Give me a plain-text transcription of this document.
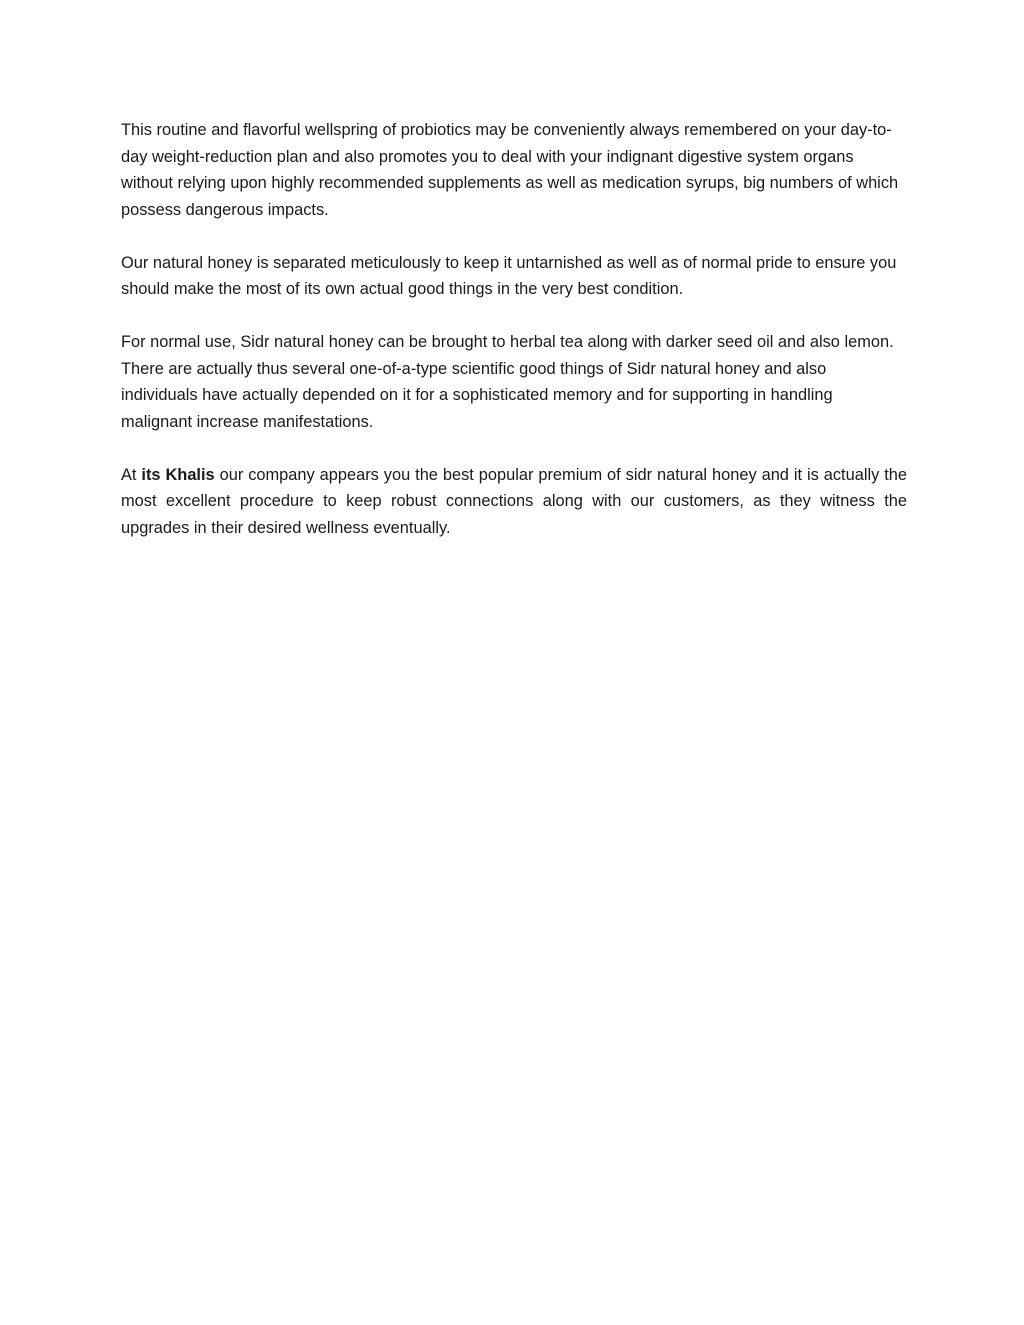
This routine and flavorful wellspring of probiotics may be conveniently always remembered on your day-to-day weight-reduction plan and also promotes you to deal with your indignant digestive system organs without relying upon highly recommended supplements as well as medication syrups, big numbers of which possess dangerous impacts.

Our natural honey is separated meticulously to keep it untarnished as well as of normal pride to ensure you should make the most of its own actual good things in the very best condition.

For normal use, Sidr natural honey can be brought to herbal tea along with darker seed oil and also lemon. There are actually thus several one-of-a-type scientific good things of Sidr natural honey and also individuals have actually depended on it for a sophisticated memory and for supporting in handling malignant increase manifestations.

At its Khalis our company appears you the best popular premium of sidr natural honey and it is actually the most excellent procedure to keep robust connections along with our customers, as they witness the upgrades in their desired wellness eventually.
